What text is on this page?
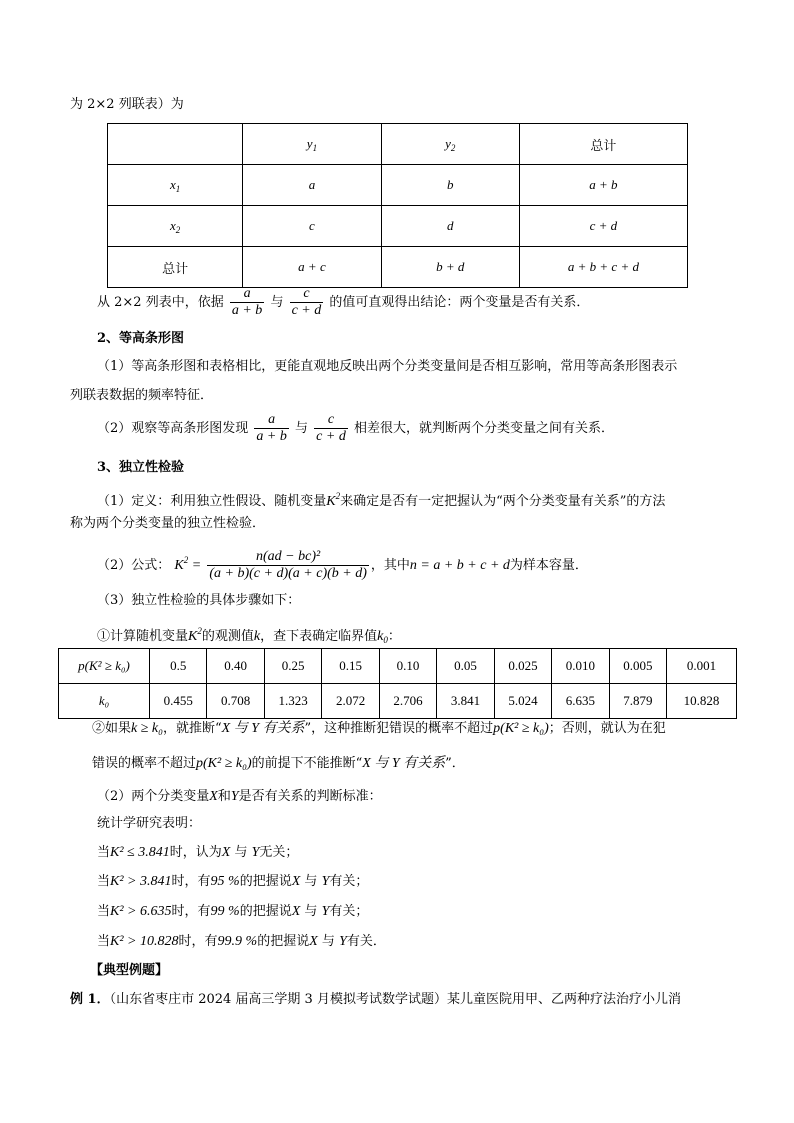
为 2×2 列联表）为
	$y_1$	$y_2$	总计
$x_1$	a	b	a + b
$x_2$	c	d	c + d
总计	a + c	b + d	a + b + c + d
从 2×2 列表中，依据 $\frac{a}{a + b}$ 与 $\frac{c}{c + d}$ 的值可直观得出结论：两个变量是否有关系．
2、等高条形图
（1）等高条形图和表格相比，更能直观地反映出两个分类变量间是否相互影响，常用等高条形图表示
列联表数据的频率特征．
（2）观察等高条形图发现 $\frac{a}{a + b}$ 与 $\frac{c}{c + d}$ 相差很大，就判断两个分类变量之间有关系．
3、独立性检验
（1）定义：利用独立性假设、随机变量$K^2$来确定是否有一定把握认为“两个分类变量有关系”的方法
称为两个分类变量的独立性检验．
（2）公式： $K^2 = \frac{\text{n(ad − bc)²}}{(a + b)(c + d)(a + c)(b + d)}$ ，其中n = a + b + c + d为样本容量．
（3）独立性检验的具体步骤如下：
①计算随机变量$K^2$的观测值k，查下表确定临界值$k_0$：
p(K² ≥ k₀)	0.5	0.40	0.25	0.15	0.10	0.05	0.025	0.010	0.005	0.001
k₀	0.455	0.708	1.323	2.072	2.706	3.841	5.024	6.635	7.879	10.828
②如果k ≥ k₀，就推断“X 与 Y 有关系”，这种推断犯错误的概率不超过p(K² ≥ k₀)；否则，就认为在犯
错误的概率不超过p(K² ≥ k₀)的前提下不能推断“X 与 Y 有关系”．
（2）两个分类变量X和Y是否有关系的判断标准：
统计学研究表明：
当K² ≤ 3.841时，认为X 与 Y无关；
当K² > 3.841时，有95 %的把握说X 与 Y有关；
当K² > 6.635时，有99 %的把握说X 与 Y有关；
当K² > 10.828时，有99.9 %的把握说X 与 Y有关．
【典型例题】
例 1．（山东省枣庄市 2024 届高三学期 3 月模拟考试数学试题）某儿童医院用甲、乙两种疗法治疗小儿消
